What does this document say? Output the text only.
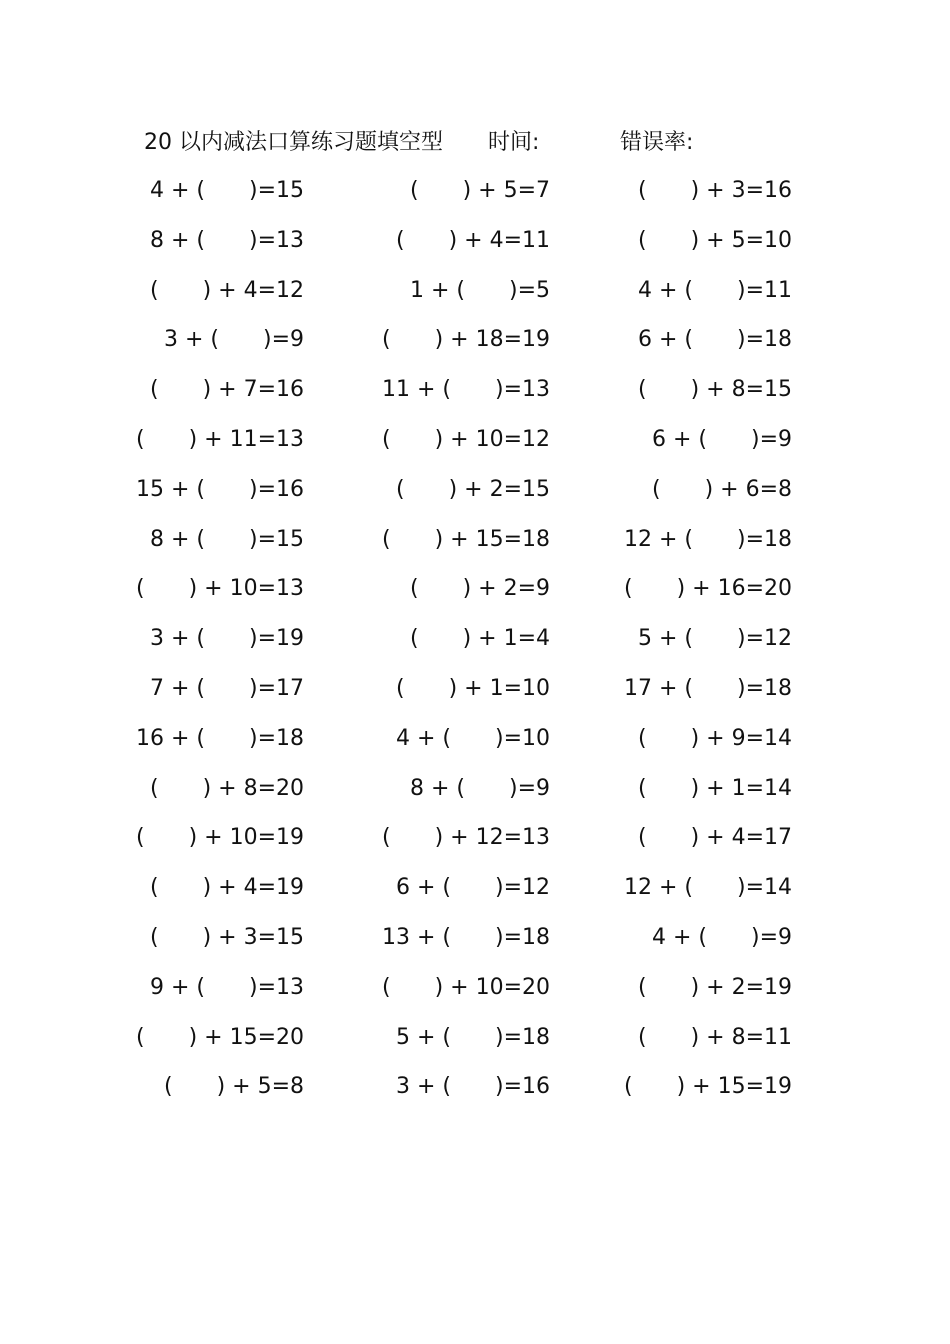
20 以内减法口算练习题填空型 时间:	错误率:
4 + (　　)=15	(　　) + 5=7	(　　) + 3=16
8 + (　　)=13	(　　) + 4=11	(　　) + 5=10
(　　) + 4=12	1 + (　　)=5	4 + (　　)=11
3 + (　　)=9	(　　) + 18=19	6 + (　　)=18
(　　) + 7=16	11 + (　　)=13	(　　) + 8=15
(　　) + 11=13	(　　) + 10=12	6 + (　　)=9
15 + (　　)=16	(　　) + 2=15	(　　) + 6=8
8 + (　　)=15	(　　) + 15=18	12 + (　　)=18
(　　) + 10=13	(　　) + 2=9	(　　) + 16=20
3 + (　　)=19	(　　) + 1=4	5 + (　　)=12
7 + (　　)=17	(　　) + 1=10	17 + (　　)=18
16 + (　　)=18	4 + (　　)=10	(　　) + 9=14
(　　) + 8=20	8 + (　　)=9	(　　) + 1=14
(　　) + 10=19	(　　) + 12=13	(　　) + 4=17
(　　) + 4=19	6 + (　　)=12	12 + (　　)=14
(　　) + 3=15	13 + (　　)=18	4 + (　　)=9
9 + (　　)=13	(　　) + 10=20	(　　) + 2=19
(　　) + 15=20	5 + (　　)=18	(　　) + 8=11
(　　) + 5=8	3 + (　　)=16	(　　) + 15=19
